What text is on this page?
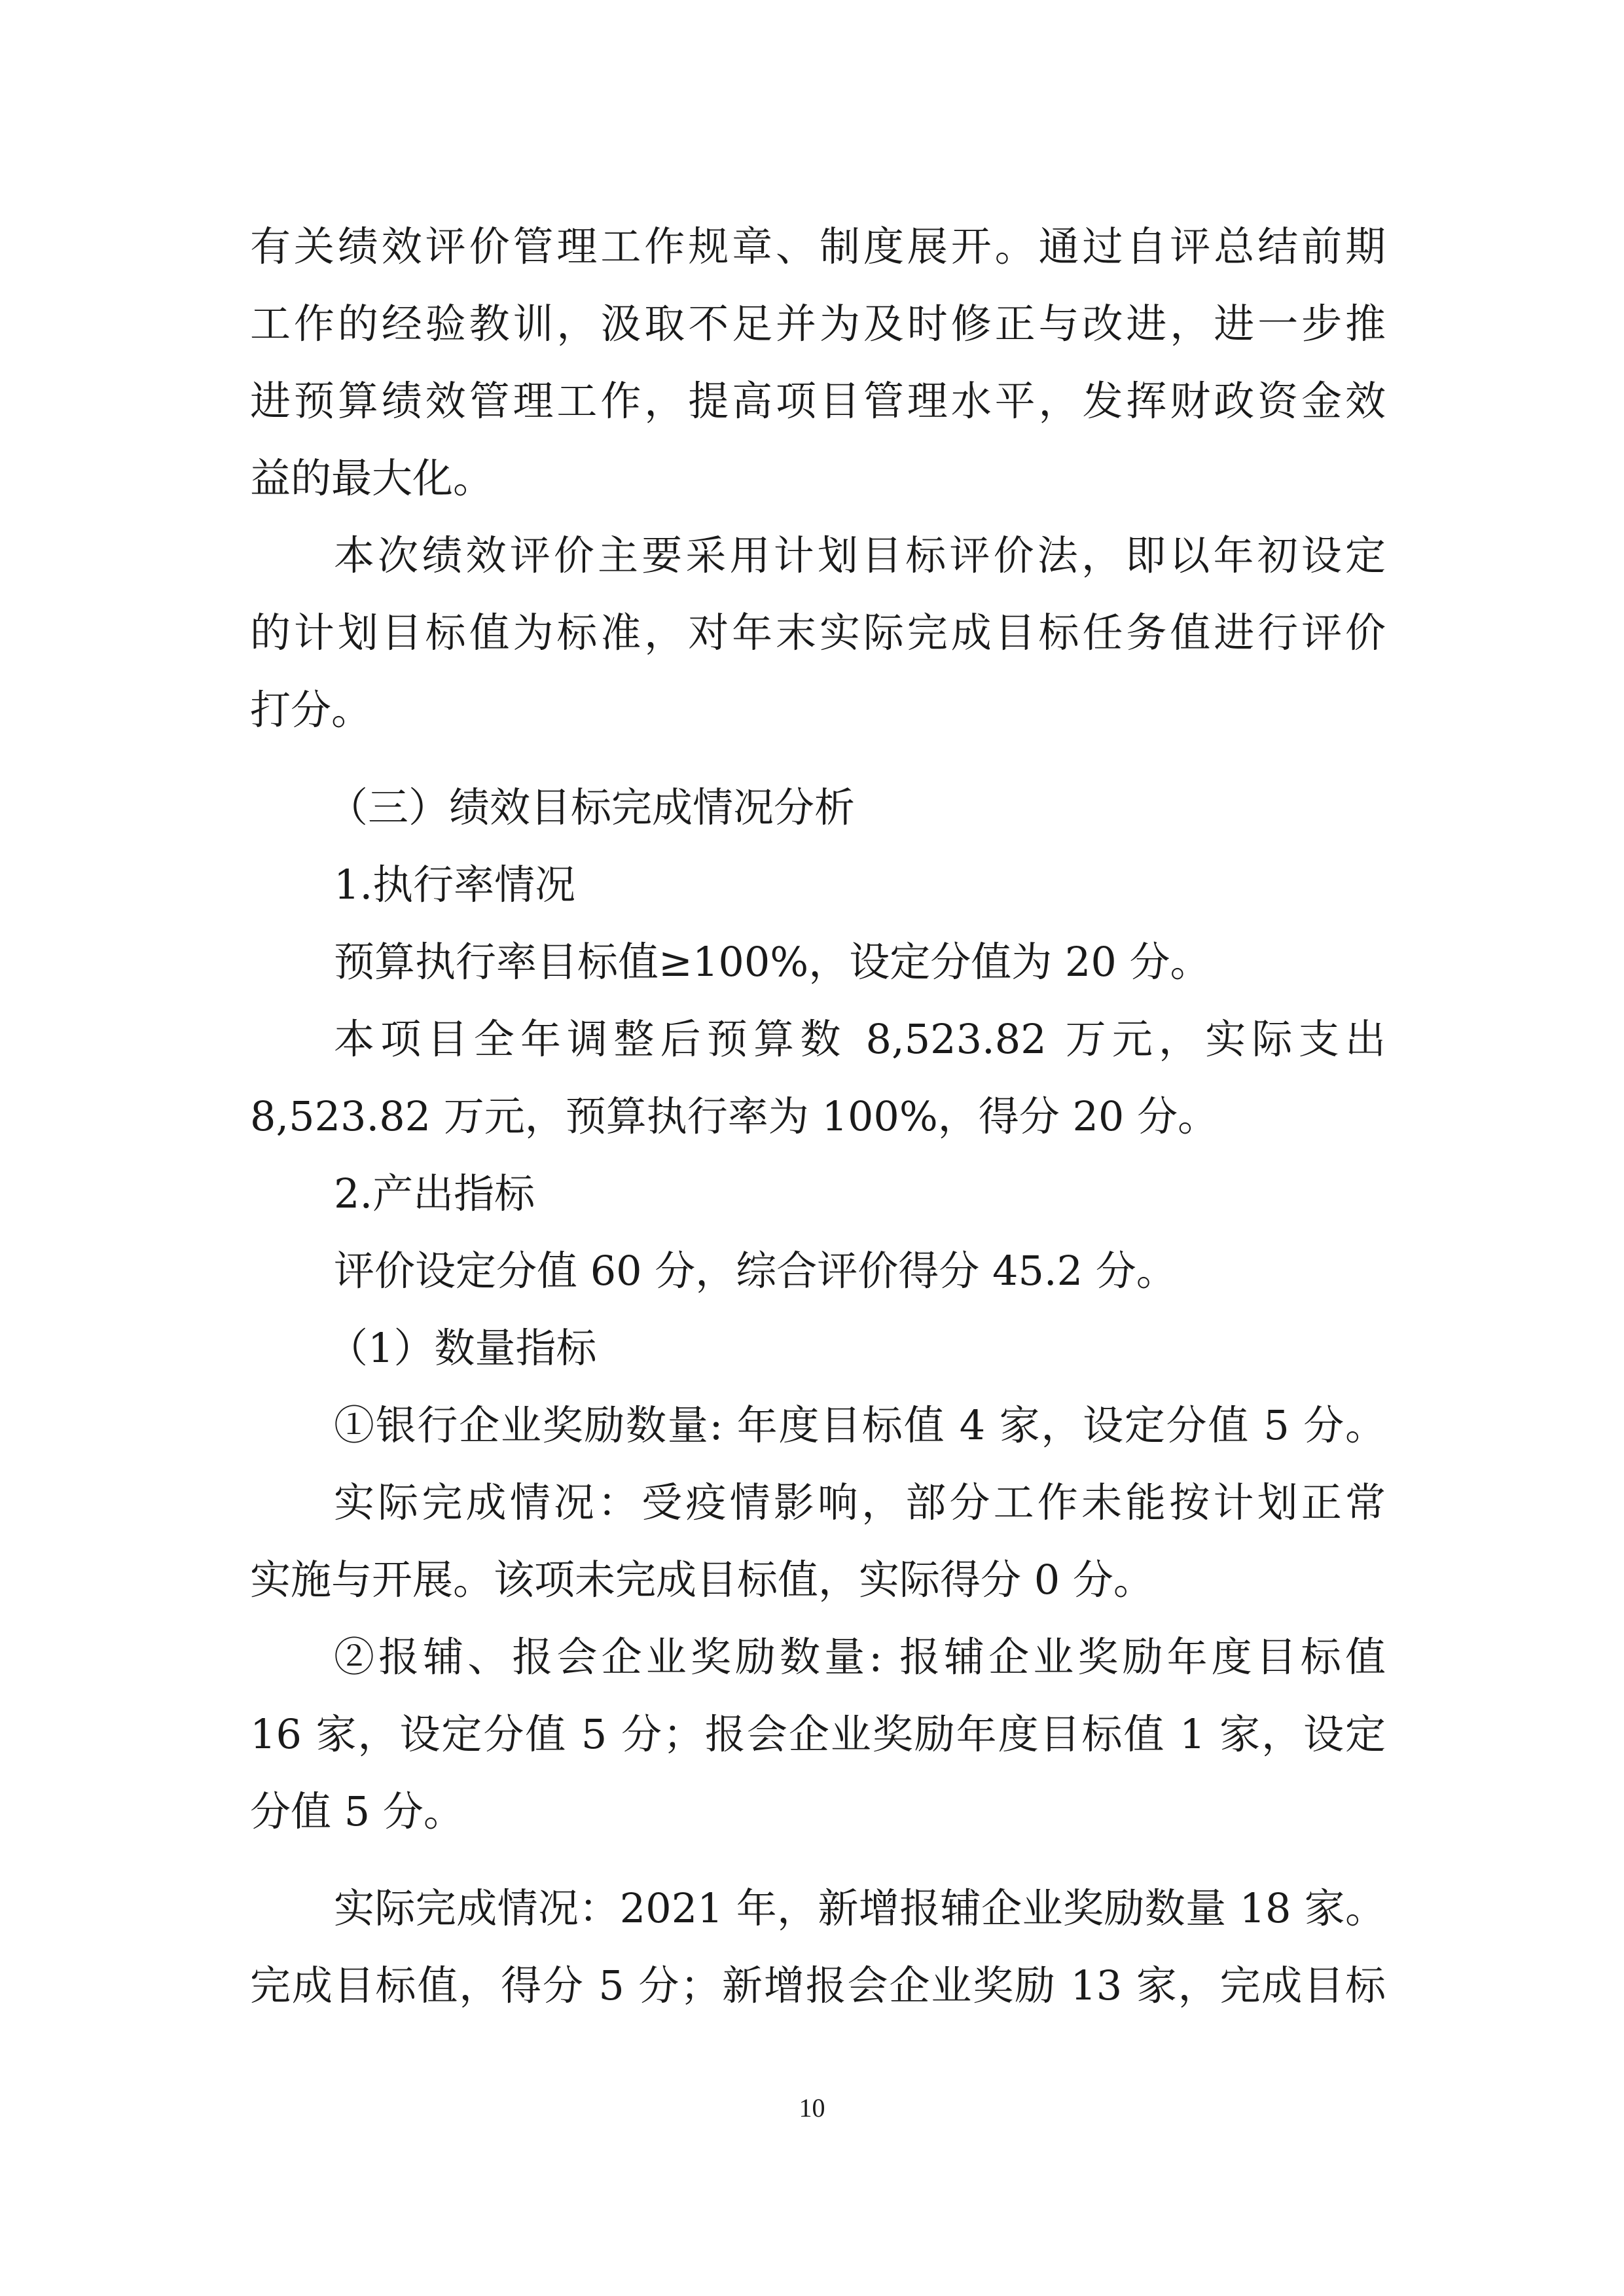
有关绩效评价管理工作规章、制度展开。通过自评总结前期
工作的经验教训，汲取不足并为及时修正与改进，进一步推
进预算绩效管理工作，提高项目管理水平，发挥财政资金效
益的最大化。
本次绩效评价主要采用计划目标评价法，即以年初设定
的计划目标值为标准，对年末实际完成目标任务值进行评价
打分。
（三）绩效目标完成情况分析
1.执行率情况
预算执行率目标值≥100%，设定分值为 20 分。
本项目全年调整后预算数 8,523.82 万元，实际支出
8,523.82 万元，预算执行率为 100%，得分 20 分。
2.产出指标
评价设定分值 60 分，综合评价得分 45.2 分。
（1）数量指标
①银行企业奖励数量: 年度目标值 4 家，设定分值 5 分。
实际完成情况：受疫情影响，部分工作未能按计划正常
实施与开展。该项未完成目标值，实际得分 0 分。
②报辅、报会企业奖励数量: 报辅企业奖励年度目标值
16 家，设定分值 5 分；报会企业奖励年度目标值 1 家，设定
分值 5 分。
实际完成情况：2021 年，新增报辅企业奖励数量 18 家。
完成目标值，得分 5 分；新增报会企业奖励 13 家，完成目标
10
